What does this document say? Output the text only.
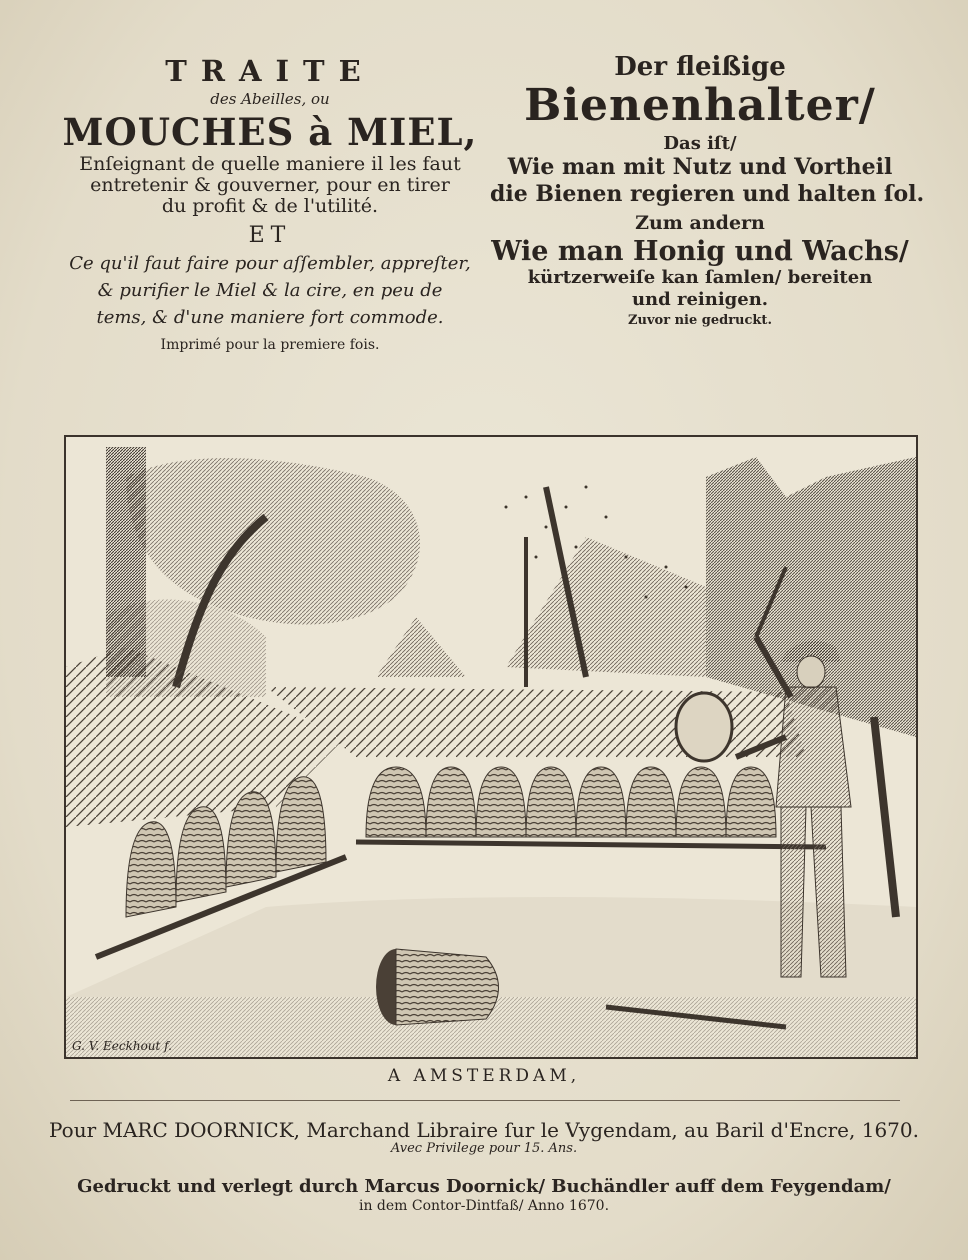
TRAITE
des Abeilles, ou
MOUCHES à MIEL,
Enſeignant de quelle maniere il les faut
entretenir & gouverner, pour en tirer
du profit & de l'utilité.
ET
Ce qu'il faut faire pour aſſembler, appreſter,
& purifier le Miel & la cire, en peu de
tems, & d'une maniere fort commode.
Imprimé pour la premiere fois.
Der fleißige
Bienenhalter/
Das iſt/
Wie man mit Nutz und Vortheil
die Bienen regieren und halten ſol.
Zum andern
Wie man Honig und Wachs/
kürtzerweiſe kan ſamlen/ bereiten
und reinigen.
Zuvor nie gedruckt.
G. V. Eeckhout f.
A AMSTERDAM,
Pour MARC DOORNICK, Marchand Libraire ſur le Vygendam, au Baril d'Encre, 1670.
Avec Privilege pour 15. Ans.
Gedruckt und verlegt durch Marcus Doornick/ Buchändler auff dem Feygendam/
in dem Contor-Dintfaß/ Anno 1670.
